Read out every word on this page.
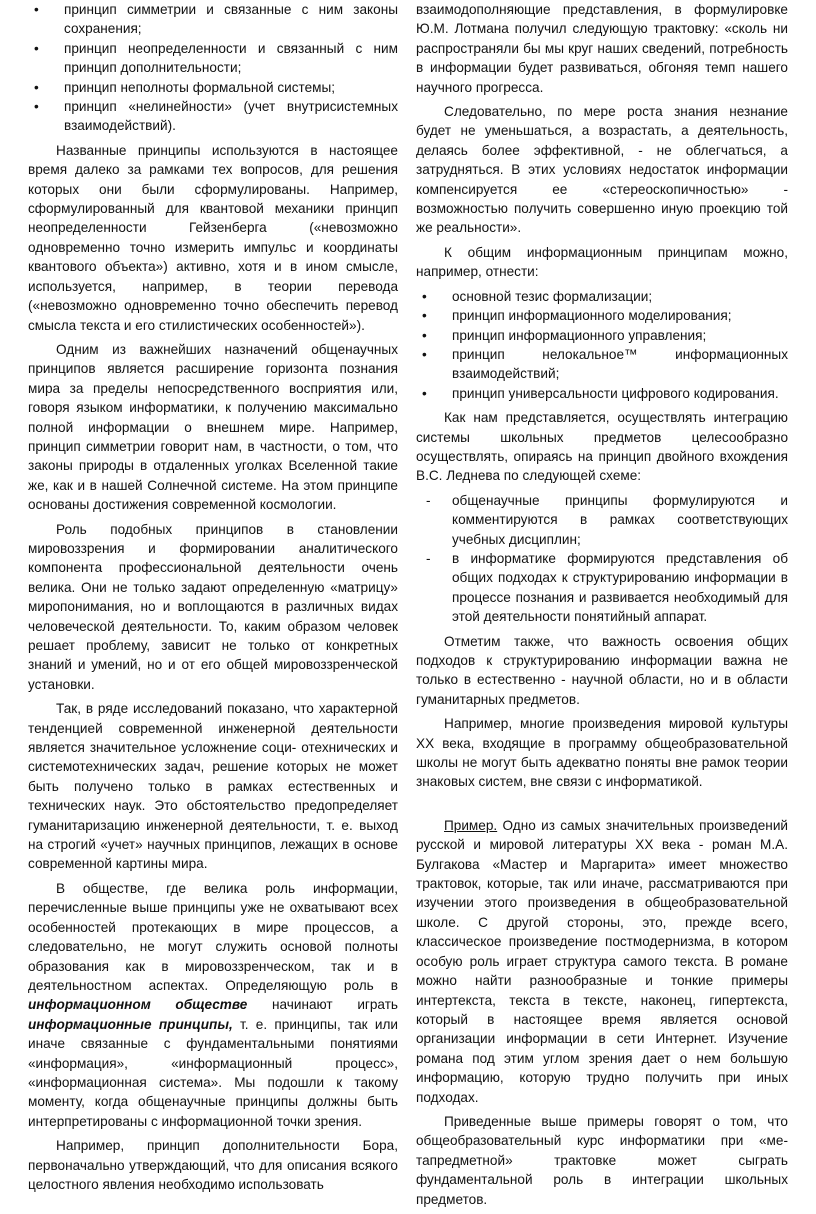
• принцип симметрии и связанные с ним законы сохранения;
• принцип неопределенности и связанный с ним принцип дополнительности;
• принцип неполноты формальной системы;
• принцип «нелинейности» (учет внутрисистемных взаимодействий).

Названные принципы используются в настоящее время далеко за рамками тех вопросов, для решения которых они были сформулированы. Например, сформулированный для квантовой механики принцип неопределенности Гейзенберга («невозможно одновременно точно измерить импульс и координаты квантового объекта») активно, хотя и в ином смысле, используется, например, в теории перевода («невозможно одновременно точно обеспечить перевод смысла текста и его стилистических особенностей»).

Одним из важнейших назначений общенаучных принципов является расширение горизонта познания мира за пределы непосредственного восприятия или, говоря языком информатики, к получению максимально полной информации о внешнем мире. Например, принцип симметрии говорит нам, в частности, о том, что законы природы в отдаленных уголках Вселенной такие же, как и в нашей Солнечной системе. На этом принципе основаны достижения современной космологии.

Роль подобных принципов в становлении мировоззрения и формировании аналитического компонента профессиональной деятельности очень велика. Они не только задают определенную «матрицу» миропонимания, но и воплощаются в различных видах человеческой деятельности. То, каким образом человек решает проблему, зависит не только от конкретных знаний и умений, но и от его общей мировоззренческой установки.

Так, в ряде исследований показано, что характерной тенденцией современной инженерной деятельности является значительное усложнение соци- отехнических и системотехнических задач, решение которых не может быть получено только в рамках естественных и технических наук. Это обстоятельство предопределяет гуманитаризацию инженерной деятельности, т. е. выход на строгий «учет» научных принципов, лежащих в основе современной картины мира.

В обществе, где велика роль информации, перечисленные выше принципы уже не охватывают всех особенностей протекающих в мире процессов, а следовательно, не могут служить основой полноты образования как в мировоззренческом, так и в деятельностном аспектах. Определяющую роль в информационном обществе начинают играть информационные принципы, т. е. принципы, так или иначе связанные с фундаментальными понятиями «информация», «информационный процесс», «информационная система». Мы подошли к такому моменту, когда общенаучные принципы должны быть интерпретированы с информационной точки зрения.

Например, принцип дополнительности Бора, первоначально утверждающий, что для описания всякого целостного явления необходимо использовать

взаимодополняющие представления, в формулировке Ю.М. Лотмана получил следующую трактовку: «сколь ни распространяли бы мы круг наших сведений, потребность в информации будет развиваться, обгоняя темп нашего научного прогресса.

Следовательно, по мере роста знания незнание будет не уменьшаться, а возрастать, а деятельность, делаясь более эффективной, - не облегчаться, а затрудняться. В этих условиях недостаток информации компенсируется ее «стереоскопичностью» - возможностью получить совершенно иную проекцию той же реальности».

К общим информационным принципам можно, например, отнести:

• основной тезис формализации;
• принцип информационного моделирования;
• принцип информационного управления;
• принцип нелокальное™ информационных взаимодействий;
• принцип универсальности цифрового кодирования.

Как нам представляется, осуществлять интеграцию системы школьных предметов целесообразно осуществлять, опираясь на принцип двойного вхождения B.C. Леднева по следующей схеме:

- общенаучные принципы формулируются и комментируются в рамках соответствующих учебных дисциплин;
- в информатике формируются представления об общих подходах к структурированию информации в процессе познания и развивается необходимый для этой деятельности понятийный аппарат.

Отметим также, что важность освоения общих подходов к структурированию информации важна не только в естественно - научной области, но и в области гуманитарных предметов.

Например, многие произведения мировой культуры XX века, входящие в программу общеобразовательной школы не могут быть адекватно поняты вне рамок теории знаковых систем, вне связи с информатикой.

Пример. Одно из самых значительных произведений русской и мировой литературы XX века - роман М.А. Булгакова «Мастер и Маргарита» имеет множество трактовок, которые, так или иначе, рассматриваются при изучении этого произведения в общеобразовательной школе. С другой стороны, это, прежде всего, классическое произведение постмодернизма, в котором особую роль играет структура самого текста. В романе можно найти разнообразные и тонкие примеры интертекста, текста в тексте, наконец, гипертекста, который в настоящее время является основой организации информации в сети Интернет. Изучение романа под этим углом зрения дает о нем большую информацию, которую трудно получить при иных подходах.

Приведенные выше примеры говорят о том, что общеобразовательный курс информатики при «ме- тапредметной» трактовке может сыграть фундаментальной роль в интеграции школьных предметов.
